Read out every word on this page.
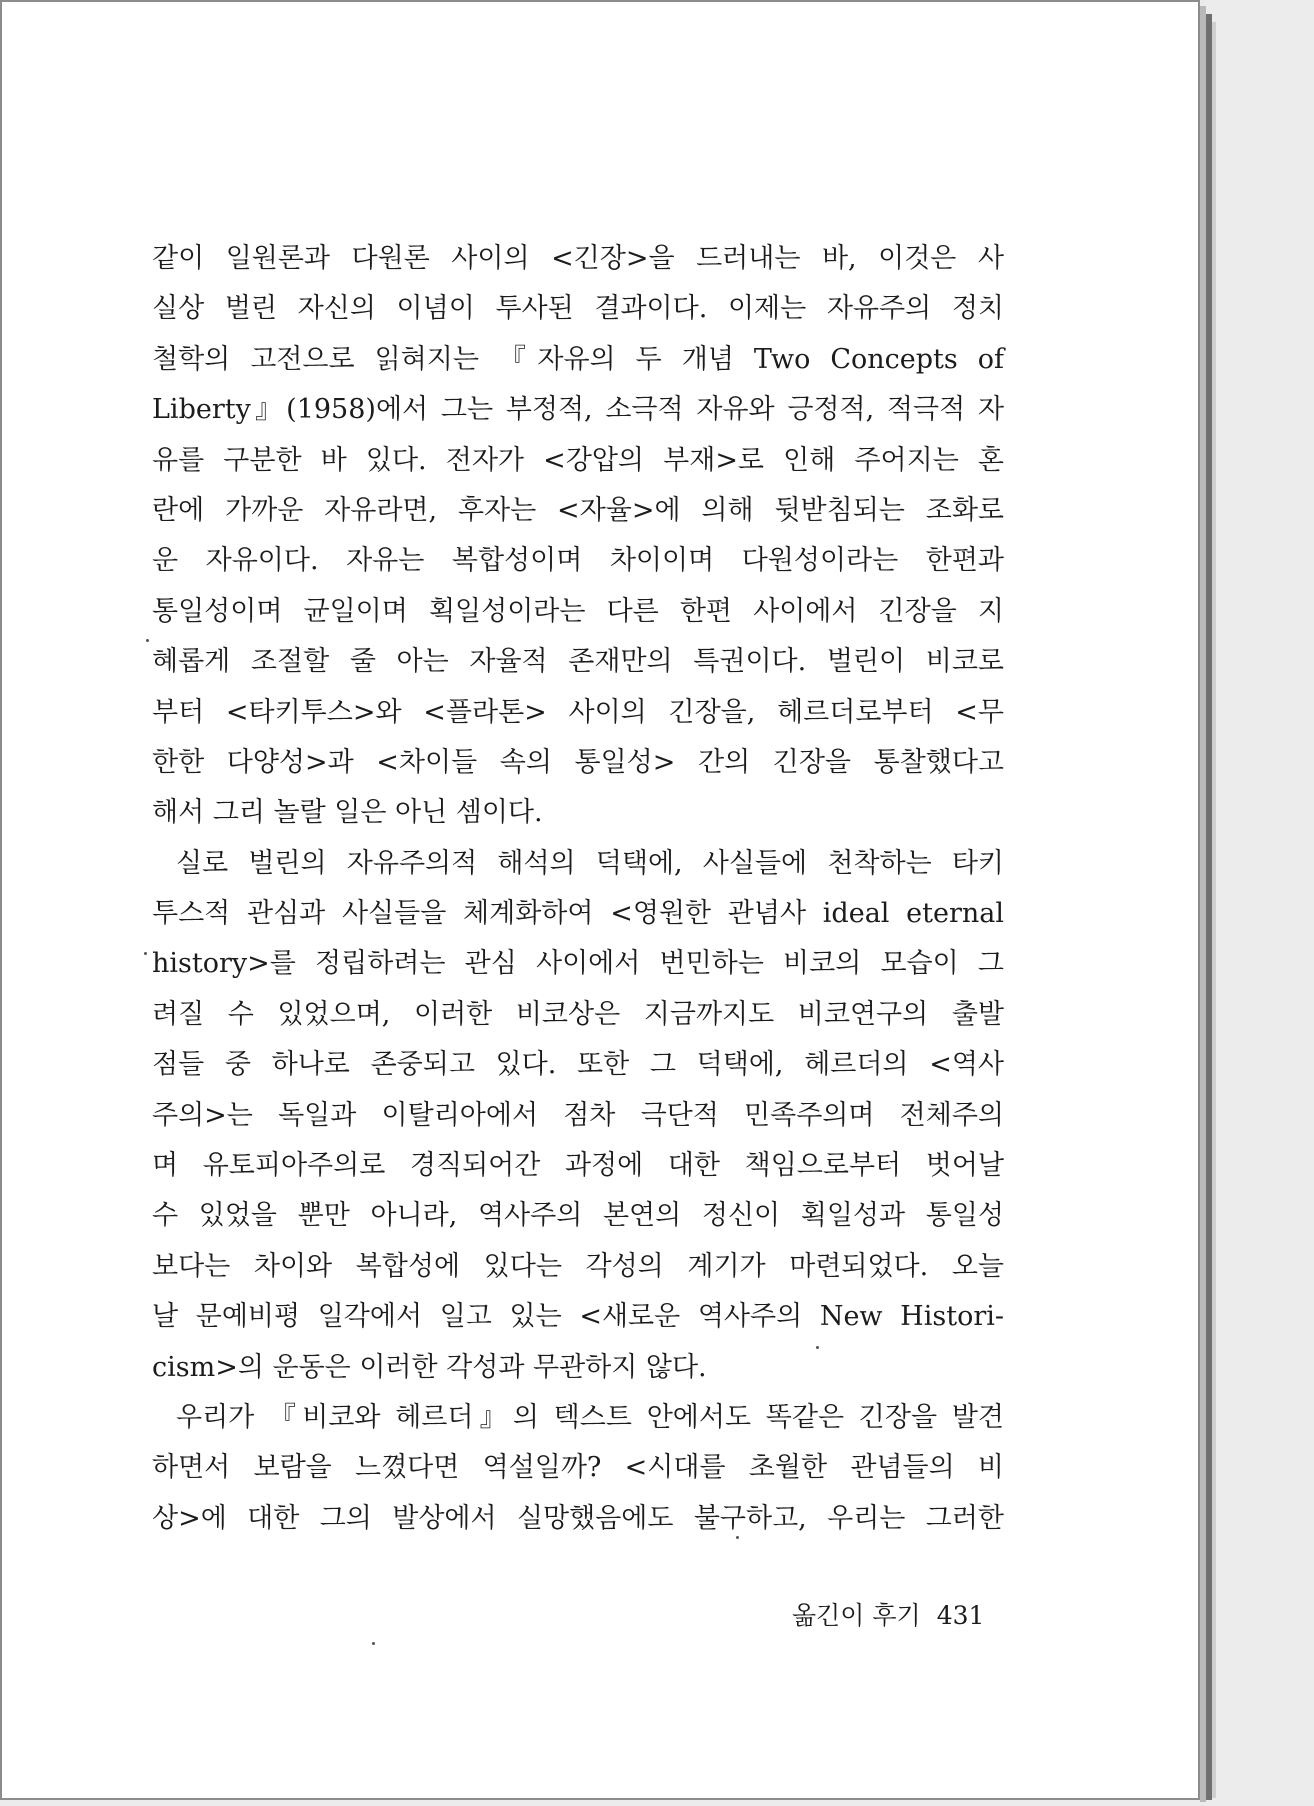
같이 일원론과 다원론 사이의 <긴장>을 드러내는 바, 이것은 사
실상 벌린 자신의 이념이 투사된 결과이다. 이제는 자유주의 정치
철학의 고전으로 읽혀지는 『자유의 두 개념 Two Concepts of
Liberty』(1958)에서 그는 부정적, 소극적 자유와 긍정적, 적극적 자
유를 구분한 바 있다. 전자가 <강압의 부재>로 인해 주어지는 혼
란에 가까운 자유라면, 후자는 <자율>에 의해 뒷받침되는 조화로
운 자유이다. 자유는 복합성이며 차이이며 다원성이라는 한편과
통일성이며 균일이며 획일성이라는 다른 한편 사이에서 긴장을 지
혜롭게 조절할 줄 아는 자율적 존재만의 특권이다. 벌린이 비코로
부터 <타키투스>와 <플라톤> 사이의 긴장을, 헤르더로부터 <무
한한 다양성>과 <차이들 속의 통일성> 간의 긴장을 통찰했다고
해서 그리 놀랄 일은 아닌 셈이다.
실로 벌린의 자유주의적 해석의 덕택에, 사실들에 천착하는 타키
투스적 관심과 사실들을 체계화하여 <영원한 관념사 ideal eternal
history>를 정립하려는 관심 사이에서 번민하는 비코의 모습이 그
려질 수 있었으며, 이러한 비코상은 지금까지도 비코연구의 출발
점들 중 하나로 존중되고 있다. 또한 그 덕택에, 헤르더의 <역사
주의>는 독일과 이탈리아에서 점차 극단적 민족주의며 전체주의
며 유토피아주의로 경직되어간 과정에 대한 책임으로부터 벗어날
수 있었을 뿐만 아니라, 역사주의 본연의 정신이 획일성과 통일성
보다는 차이와 복합성에 있다는 각성의 계기가 마련되었다. 오늘
날 문예비평 일각에서 일고 있는 <새로운 역사주의 New Histori-
cism>의 운동은 이러한 각성과 무관하지 않다.
우리가 『비코와 헤르더』의 텍스트 안에서도 똑같은 긴장을 발견
하면서 보람을 느꼈다면 역설일까? <시대를 초월한 관념들의 비
상>에 대한 그의 발상에서 실망했음에도 불구하고, 우리는 그러한
옮긴이 후기 431
